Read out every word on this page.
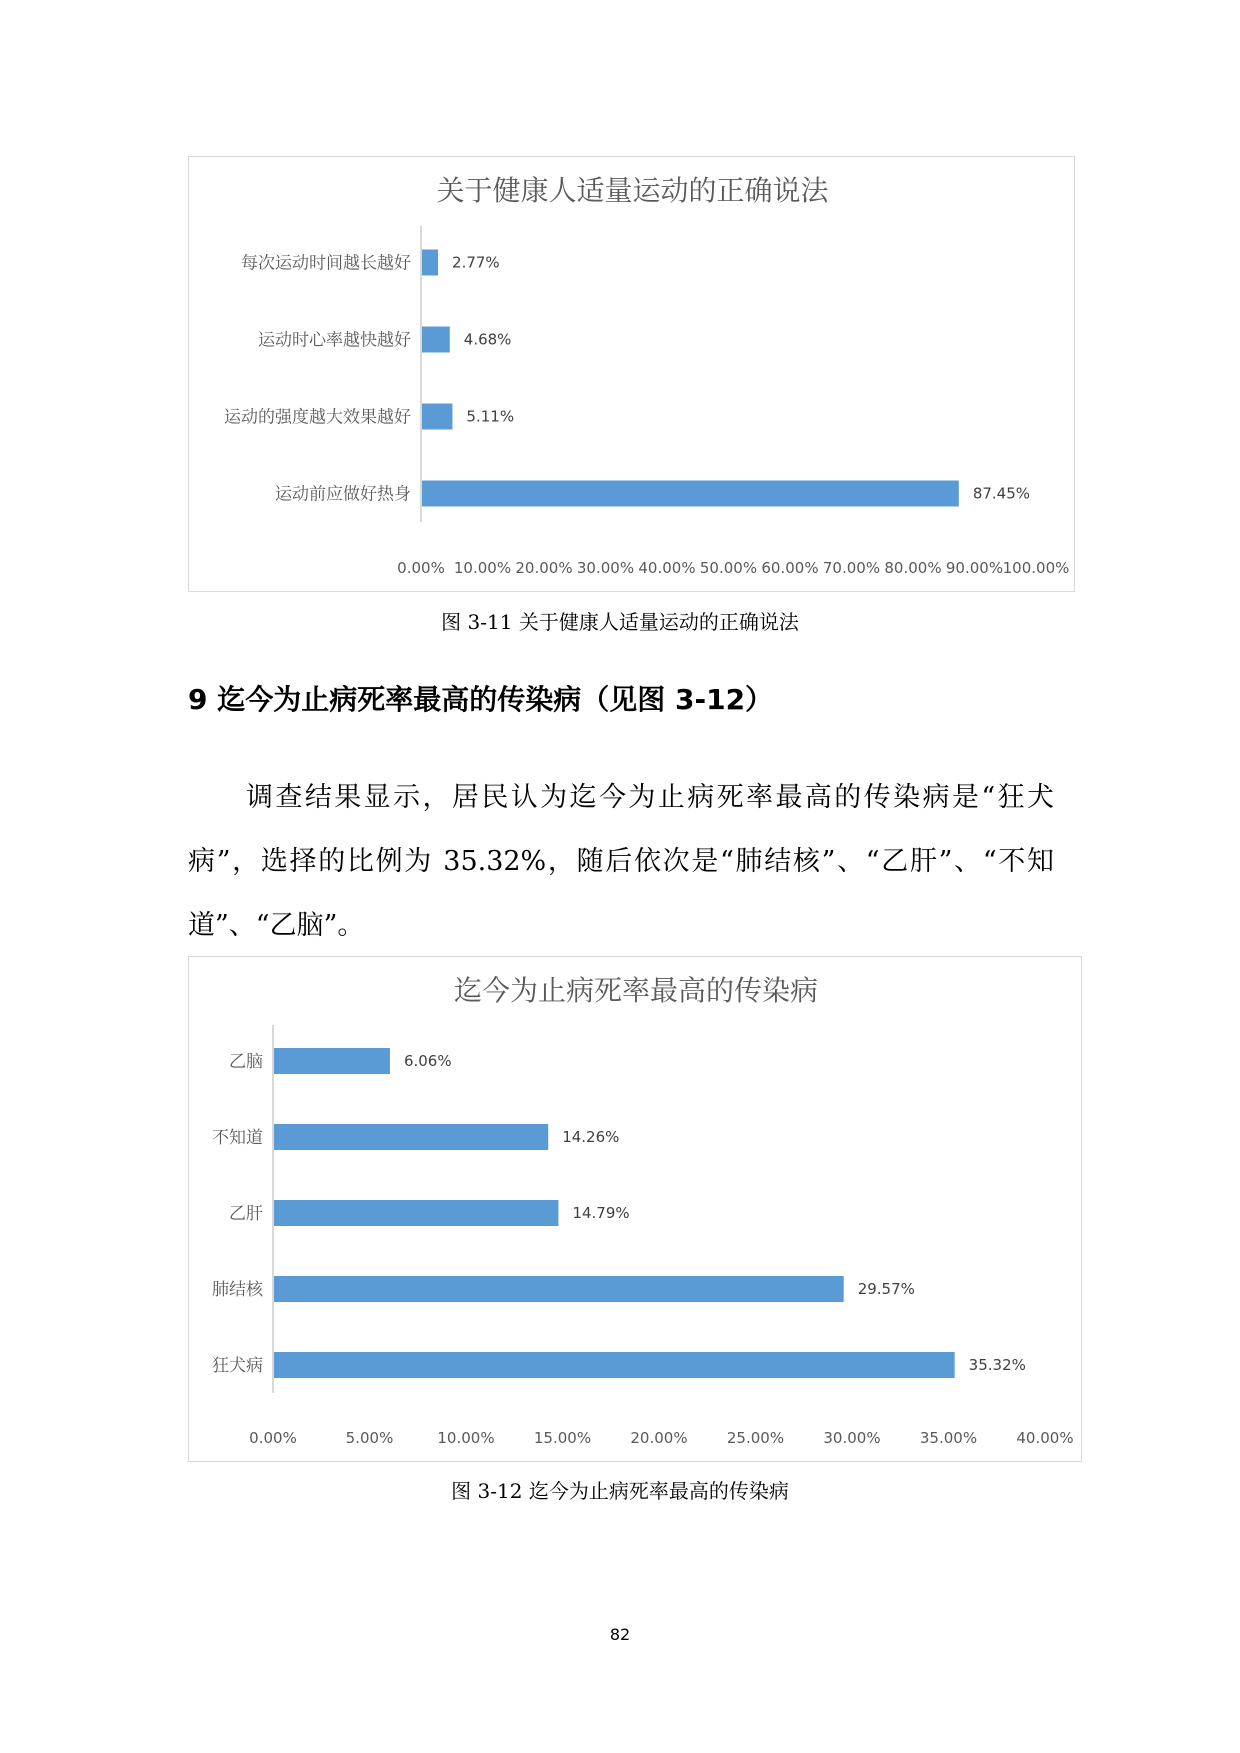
关于健康人适量运动的正确说法
每次运动时间越长越好	2.77%
运动时心率越快越好	4.68%
运动的强度越大效果越好	5.11%
运动前应做好热身	87.45%
0.00% 10.00% 20.00% 30.00% 40.00% 50.00% 60.00% 70.00% 80.00% 90.00% 100.00%
图 3-11 关于健康人适量运动的正确说法
9 迄今为止病死率最高的传染病（见图 3-12）

调查结果显示，居民认为迄今为止病死率最高的传染病是“狂犬病”，选择的比例为 35.32%，随后依次是“肺结核”、“乙肝”、“不知道”、“乙脑”。

迄今为止病死率最高的传染病
乙脑	6.06%
不知道	14.26%
乙肝	14.79%
肺结核	29.57%
狂犬病	35.32%
0.00%	5.00%	10.00%	15.00%	20.00%	25.00%	30.00%	35.00%	40.00%
图 3-12 迄今为止病死率最高的传染病
82
